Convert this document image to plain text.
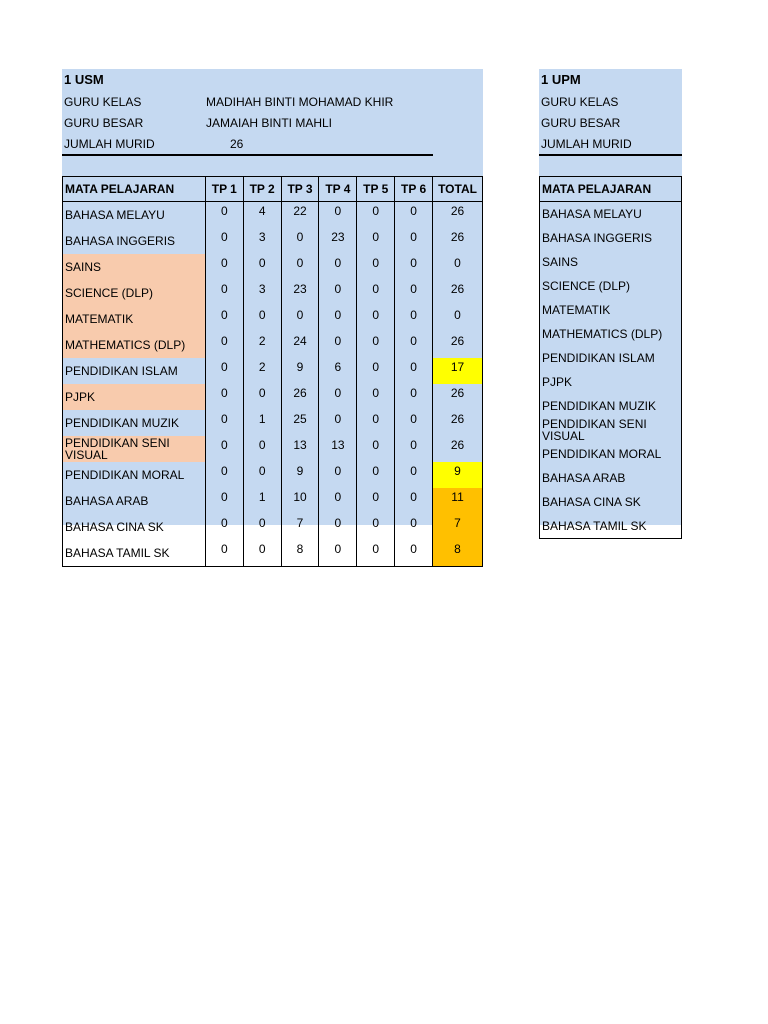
1 USM
GURU KELAS	MADIHAH BINTI MOHAMAD KHIR
GURU BESAR	JAMAIAH BINTI MAHLI
JUMLAH MURID	26
MATA PELAJARAN	TP 1	TP 2	TP 3	TP 4	TP 5	TP 6	TOTAL
BAHASA MELAYU	0	4	22	0	0	0	26
BAHASA INGGERIS	0	3	0	23	0	0	26
SAINS	0	0	0	0	0	0	0
SCIENCE (DLP)	0	3	23	0	0	0	26
MATEMATIK	0	0	0	0	0	0	0
MATHEMATICS (DLP)	0	2	24	0	0	0	26
PENDIDIKAN ISLAM	0	2	9	6	0	0	17
PJPK	0	0	26	0	0	0	26
PENDIDIKAN MUZIK	0	1	25	0	0	0	26
PENDIDIKAN SENI VISUAL	0	0	13	13	0	0	26
PENDIDIKAN MORAL	0	0	9	0	0	0	9
BAHASA ARAB	0	1	10	0	0	0	11
BAHASA CINA SK	0	0	7	0	0	0	7
BAHASA TAMIL SK	0	0	8	0	0	0	8
1 UPM
GURU KELAS
GURU BESAR
JUMLAH MURID
MATA PELAJARAN
BAHASA MELAYU
BAHASA INGGERIS
SAINS
SCIENCE (DLP)
MATEMATIK
MATHEMATICS (DLP)
PENDIDIKAN ISLAM
PJPK
PENDIDIKAN MUZIK
PENDIDIKAN SENI VISUAL
PENDIDIKAN MORAL
BAHASA ARAB
BAHASA CINA SK
BAHASA TAMIL SK
